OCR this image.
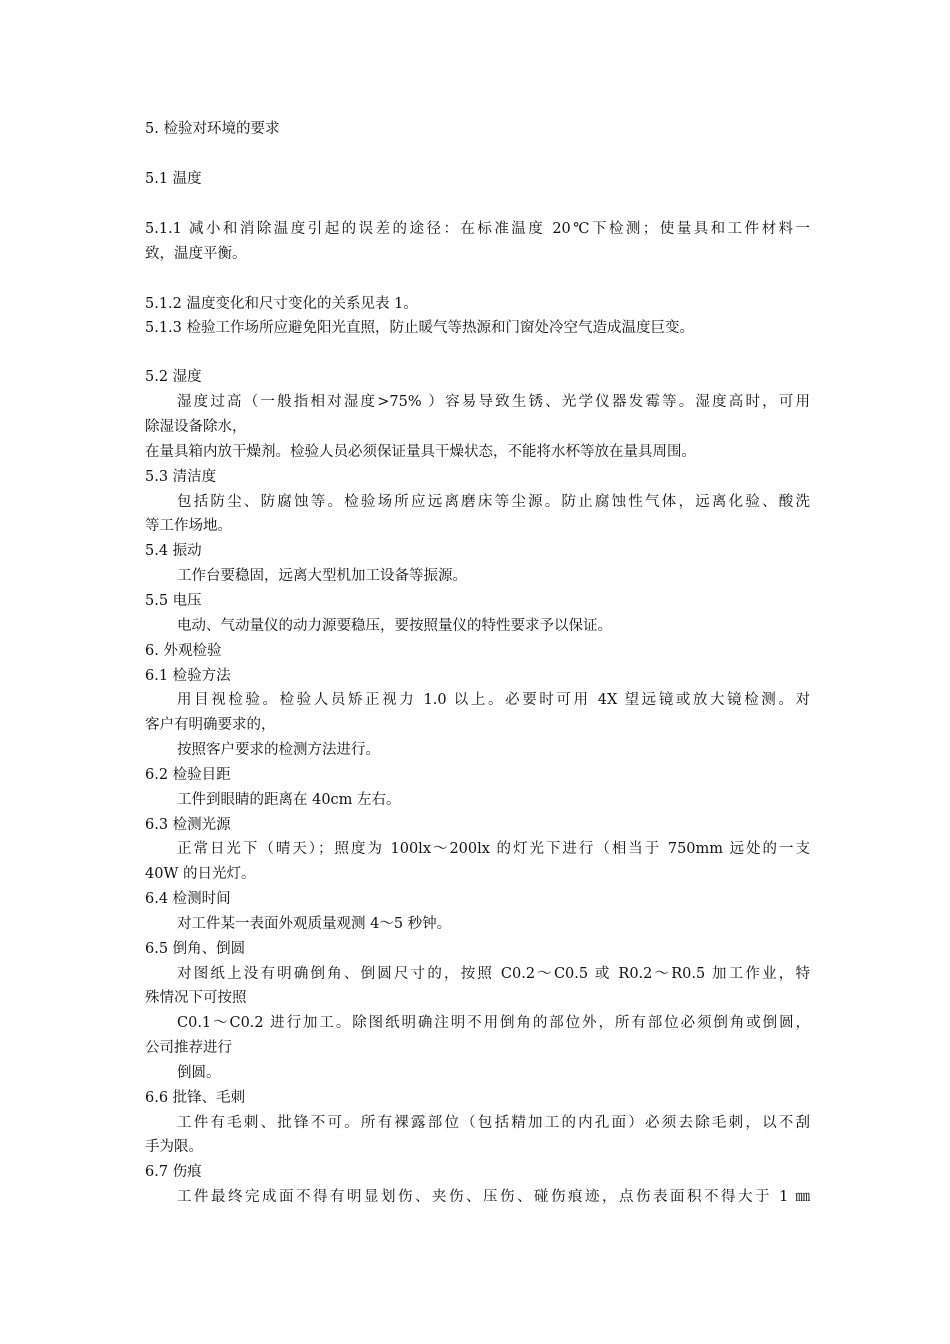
5. 检验对环境的要求
5.1 温度
5.1.1 减小和消除温度引起的误差的途径：在标准温度 20℃下检测；使量具和工件材料一
致，温度平衡。
5.1.2 温度变化和尺寸变化的关系见表 1。
5.1.3 检验工作场所应避免阳光直照，防止暖气等热源和门窗处冷空气造成温度巨变。
5.2 湿度
湿度过高（一般指相对湿度>75% ）容易导致生锈、光学仪器发霉等。湿度高时，可用
除湿设备除水，
在量具箱内放干燥剂。检验人员必须保证量具干燥状态，不能将水杯等放在量具周围。
5.3 清洁度
包括防尘、防腐蚀等。检验场所应远离磨床等尘源。防止腐蚀性气体，远离化验、酸洗
等工作场地。
5.4 振动
工作台要稳固，远离大型机加工设备等振源。
5.5 电压
电动、气动量仪的动力源要稳压，要按照量仪的特性要求予以保证。
6. 外观检验
6.1 检验方法
用目视检验。检验人员矫正视力 1.0 以上。必要时可用 4X 望远镜或放大镜检测。对
客户有明确要求的，
按照客户要求的检测方法进行。
6.2 检验目距
工件到眼睛的距离在 40cm 左右。
6.3 检测光源
正常日光下（晴天）；照度为 100lx～200lx 的灯光下进行（相当于 750mm 远处的一支
40W 的日光灯。
6.4 检测时间
对工件某一表面外观质量观测 4～5 秒钟。
6.5 倒角、倒圆
对图纸上没有明确倒角、倒圆尺寸的，按照 C0.2～C0.5 或 R0.2～R0.5 加工作业，特
殊情况下可按照
C0.1～C0.2 进行加工。除图纸明确注明不用倒角的部位外，所有部位必须倒角或倒圆，
公司推荐进行
倒圆。
6.6 批锋、毛刺
工件有毛刺、批锋不可。所有裸露部位（包括精加工的内孔面）必须去除毛刺，以不刮
手为限。
6.7 伤痕
工件最终完成面不得有明显划伤、夹伤、压伤、碰伤痕迹，点伤表面积不得大于 1 ㎜
